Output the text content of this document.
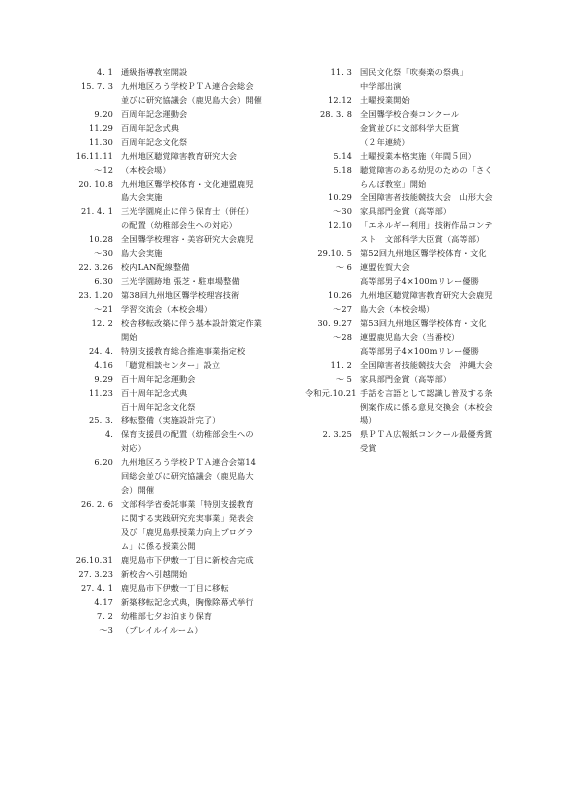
4. 1 通級指導教室開設
15. 7. 3 九州地区ろう学校ＰＴＡ連合会総会
並びに研究協議会（鹿児島大会）開催
9.20 百周年記念運動会
11.29 百周年記念式典
11.30 百周年記念文化祭
16.11.11 九州地区聴覚障害教育研究大会
～12 （本校会場）
20. 10.8 九州地区聾学校体育・文化連盟鹿児
島大会実施
21. 4. 1 三光学園廃止に伴う保育士（併任）
の配置（幼稚部会生への対応）
10.28 全国聾学校理容・美容研究大会鹿児
～30 島大会実施
22. 3.26 校内LAN配線整備
6.30 三光学園跡地 張芝・駐車場整備
23. 1.20 第38回九州地区聾学校理容技術
～21 学習交流会（本校会場）
12. 2 校舎移転改築に伴う基本設計策定作業
開始
24. 4. 特別支援教育総合推進事業指定校
4.16 「聴覚相談センター」設立
9.29 百十周年記念運動会
11.23 百十周年記念式典
百十周年記念文化祭
25. 3. 移転整備（実施設計完了）
4. 保育支援員の配置（幼稚部会生への
対応）
6.20 九州地区ろう学校ＰＴＡ連合会第14
回総会並びに研究協議会（鹿児島大
会）開催
26. 2. 6 文部科学省委託事業「特別支援教育
に関する実践研究充実事業」発表会
及び「鹿児島県授業力向上プログラ
ム」に係る授業公開
26.10.31 鹿児島市下伊敷一丁目に新校舎完成
27. 3.23 新校舎へ引越開始
27. 4. 1 鹿児島市下伊敷一丁目に移転
4.17 新築移転記念式典，胸像除幕式挙行
7. 2 幼稚部七夕お泊まり保育
～3 （プレイルイルーム）
11. 3 国民文化祭「吹奏楽の祭典」
中学部出演
12.12 土曜授業開始
28. 3. 8 全国聾学校合奏コンクール
金賞並びに文部科学大臣賞
（２年連続）
5.14 土曜授業本格実施（年間５回）
5.18 聴覚障害のある幼児のための「さく
らんぼ教室」開始
10.29 全国障害者技能競技大会　山形大会
～30 家具部門金賞（高等部）
12.10 「エネルギー利用」技術作品コンテ
スト　文部科学大臣賞（高等部）
29.10. 5 第52回九州地区聾学校体育・文化
～ 6 連盟佐賀大会
高等部男子4×100mリレー優勝
10.26 九州地区聴覚障害教育研究大会鹿児
～27 島大会（本校会場）
30. 9.27 第53回九州地区聾学校体育・文化
～28 連盟鹿児島大会（当番校）
高等部男子4×100mリレー優勝
11. 2 全国障害者技能競技大会　沖縄大会
～ 5 家具部門金賞（高等部）
令和元.10.21 手話を言語として認識し普及する条
例案作成に係る意見交換会（本校会
場）
2. 3.25 県ＰＴＡ広報紙コンクール最優秀賞
受賞
